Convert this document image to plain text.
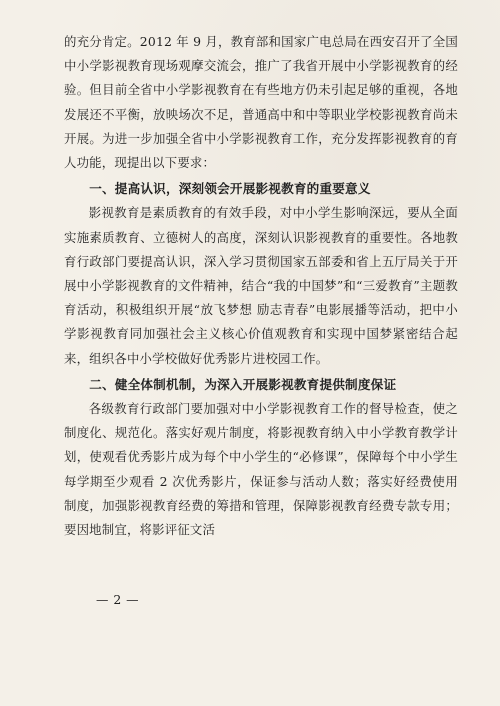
的充分肯定。2012 年 9 月，教育部和国家广电总局在西安召开了全国中小学影视教育现场观摩交流会，推广了我省开展中小学影视教育的经验。但目前全省中小学影视教育在有些地方仍未引起足够的重视，各地发展还不平衡，放映场次不足，普通高中和中等职业学校影视教育尚未开展。为进一步加强全省中小学影视教育工作，充分发挥影视教育的育人功能，现提出以下要求：

一、提高认识，深刻领会开展影视教育的重要意义

影视教育是素质教育的有效手段，对中小学生影响深远，要从全面实施素质教育、立德树人的高度，深刻认识影视教育的重要性。各地教育行政部门要提高认识，深入学习贯彻国家五部委和省上五厅局关于开展中小学影视教育的文件精神，结合“我的中国梦”和“三爱教育”主题教育活动，积极组织开展“放飞梦想 励志青春”电影展播等活动，把中小学影视教育同加强社会主义核心价值观教育和实现中国梦紧密结合起来，组织各中小学校做好优秀影片进校园工作。

二、健全体制机制，为深入开展影视教育提供制度保证

各级教育行政部门要加强对中小学影视教育工作的督导检查，使之制度化、规范化。落实好观片制度，将影视教育纳入中小学教育教学计划，使观看优秀影片成为每个中小学生的“必修课”，保障每个中小学生每学期至少观看 2 次优秀影片，保证参与活动人数；落实好经费使用制度，加强影视教育经费的筹措和管理，保障影视教育经费专款专用；要因地制宜，将影评征文活

— 2 —
